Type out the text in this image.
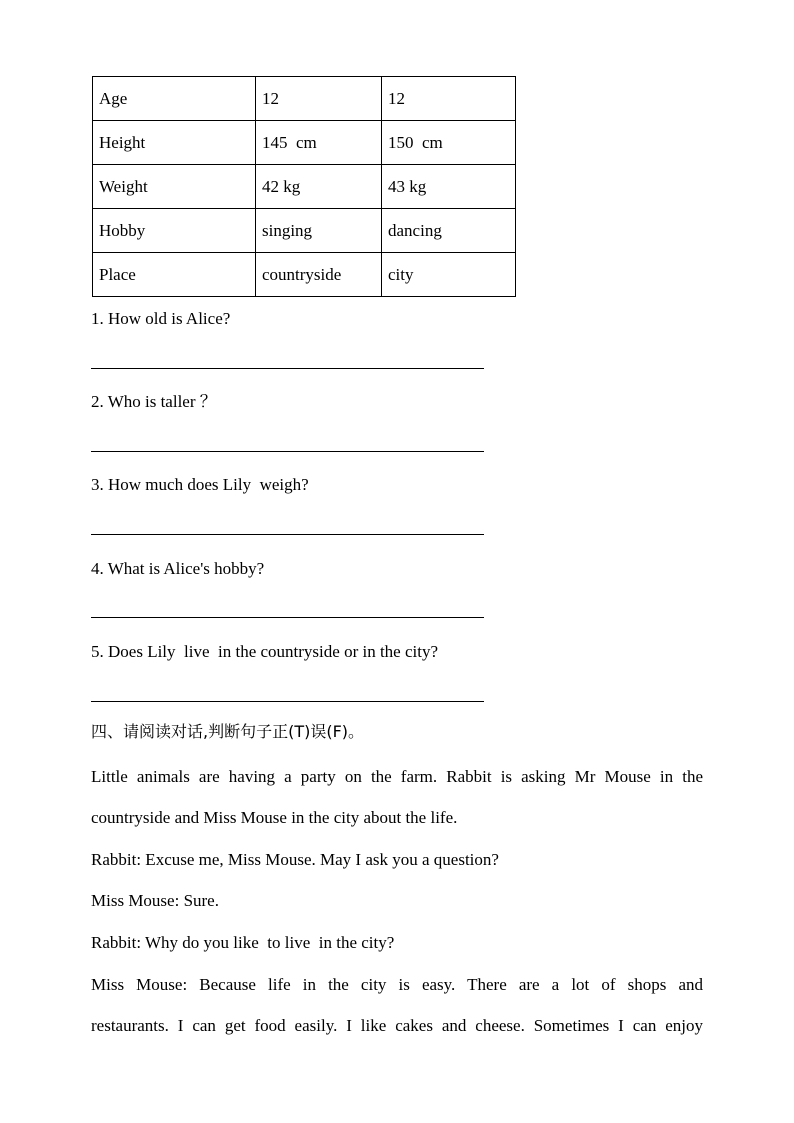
Age	12	12
Height	145  cm	150  cm
Weight	42 kg	43 kg
Hobby	singing	dancing
Place	countryside	city

1. How old is Alice?

2. Who is taller ？

3. How much does Lily  weigh?

4. What is Alice's hobby?

5. Does Lily  live  in the countryside or in the city?

四、请阅读对话,判断句子正(T)误(F)。

Little animals are having a party on the farm. Rabbit is asking Mr Mouse in the

countryside and Miss Mouse in the city about the life.

Rabbit: Excuse me, Miss Mouse. May I ask you a question?

Miss Mouse: Sure.

Rabbit: Why do you like  to live  in the city?

Miss Mouse: Because life in the city is easy. There are a lot of shops and

restaurants. I can get food easily. I like cakes and cheese. Sometimes I can enjoy
